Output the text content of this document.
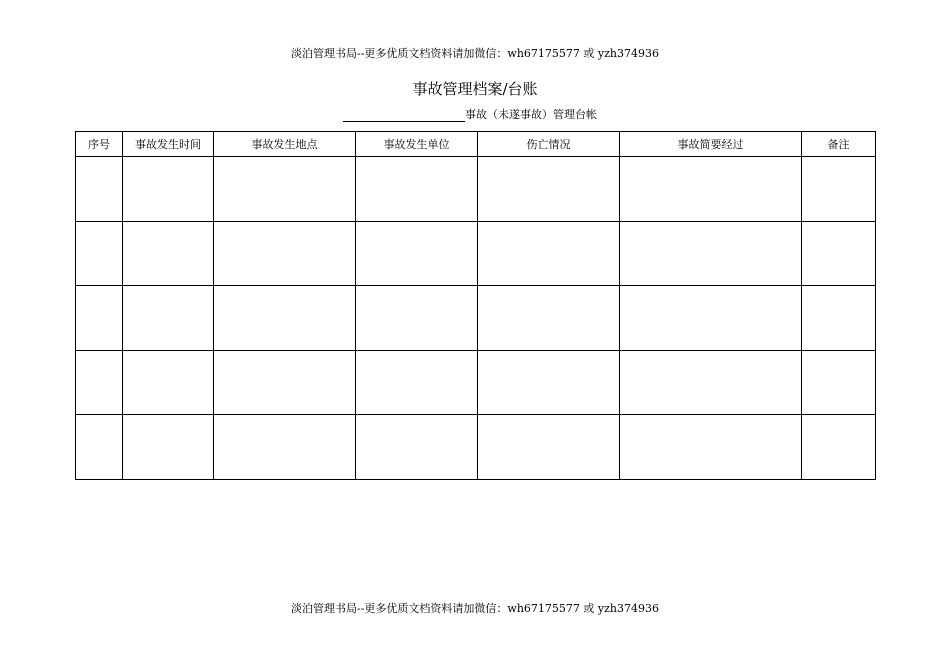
淡泊管理书局--更多优质文档资料请加微信：wh67175577 或 yzh374936
事故管理档案/台账
事故（未遂事故）管理台帐
序号	事故发生时间	事故发生地点	事故发生单位	伤亡情况	事故简要经过	备注

淡泊管理书局--更多优质文档资料请加微信：wh67175577 或 yzh374936
